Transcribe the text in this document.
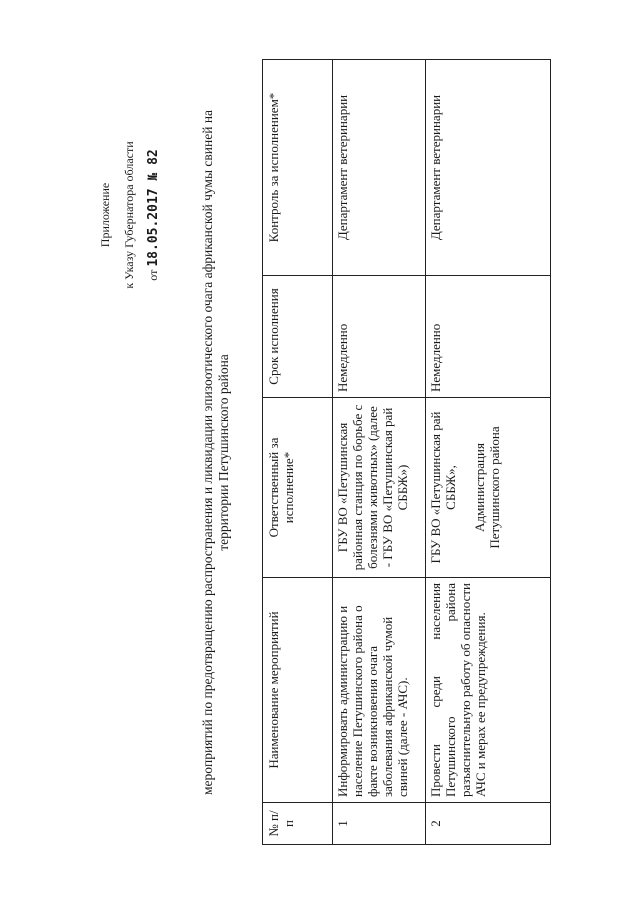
Приложение к Указу Губернатора области от 18.05.2017 № 82	мероприятий по предотвращению распространения и ликвидации эпизоотического очага африканской чумы свиней на территории Петушинского района
№ п/п	Наименование мероприятий	Ответственный за исполнение*	Срок исполнения	Контроль за исполнением*
1	Информировать администрацию и население Петушинского района о факте возникновения очага заболевания африканской чумой свиней (далее - АЧС).	ГБУ ВО «Петушинская районная станция по борьбе с болезнями животных» (далее - ГБУ ВО «Петушинская рай СББЖ»)	Немедленно	Департамент ветеринарии
2	Провести среди населения Петушинского района разъяснительную работу об опасности АЧС и мерах ее предупреждения.	ГБУ ВО «Петушинская рай СББЖ», Администрация Петушинского района	Немедленно	Департамент ветеринарии
